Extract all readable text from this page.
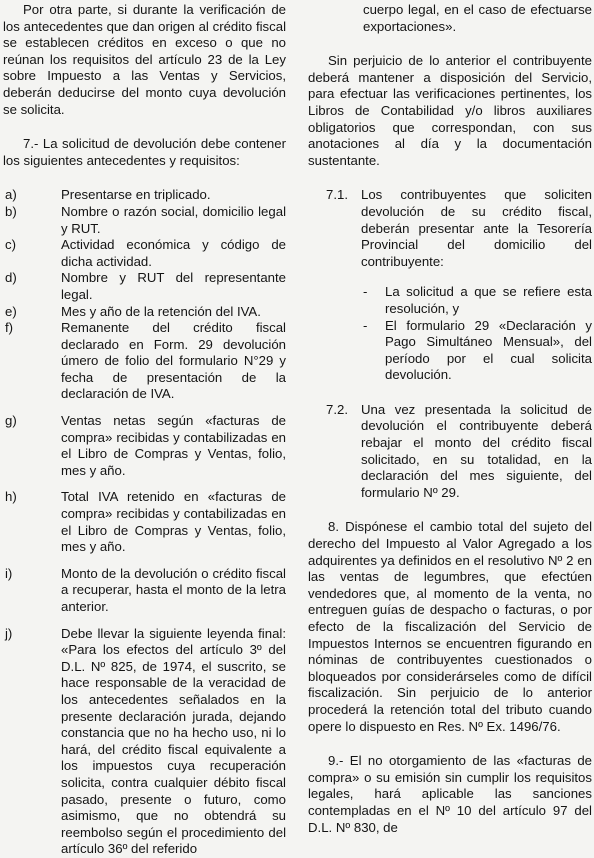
Por otra parte, si durante la verificación de los antecedentes que dan origen al crédito fiscal se establecen créditos en exceso o que no reúnan los requisitos del artículo 23 de la Ley sobre Impuesto a las Ventas y Servicios, deberán deducirse del monto cuya devolución se solicita.

7.- La solicitud de devolución debe contener los siguientes antecedentes y requisitos:

a)	Presentarse en triplicado.
b)	Nombre o razón social, domicilio legal y RUT.
c)	Actividad económica y código de dicha actividad.
d)	Nombre y RUT del representante legal.
e)	Mes y año de la retención del IVA.
f)	Remanente del crédito fiscal declarado en Form. 29 devolución úmero de folio del formulario N°29 y fecha de presentación de la declaración de IVA.
g)	Ventas netas según «facturas de compra» recibidas y contabilizadas en el Libro de Compras y Ventas, folio, mes y año.
h)	Total IVA retenido en «facturas de compra» recibidas y contabilizadas en el Libro de Compras y Ventas, folio, mes y año.
i)	Monto de la devolución o crédito fiscal a recuperar, hasta el monto de la letra anterior.
j)	Debe llevar la siguiente leyenda final: «Para los efectos del artículo 3º del D.L. Nº 825, de 1974, el suscrito, se hace responsable de la veracidad de los antecedentes señalados en la presente declaración jurada, dejando constancia que no ha hecho uso, ni lo hará, del crédito fiscal equivalente a los impuestos cuya recuperación solicita, contra cualquier débito fiscal pasado, presente o futuro, como asimismo, que no obtendrá su reembolso según el procedimiento del artículo 36º del referido

cuerpo legal, en el caso de efectuarse exportaciones».

Sin perjuicio de lo anterior el contribuyente deberá mantener a disposición del Servicio, para efectuar las verificaciones pertinentes, los Libros de Contabilidad y/o libros auxiliares obligatorios que correspondan, con sus anotaciones al día y la documentación sustentante.

7.1. Los contribuyentes que soliciten devolución de su crédito fiscal, deberán presentar ante la Tesorería Provincial del domicilio del contribuyente:
-	La solicitud a que se refiere esta resolución, y
-	El formulario 29 «Declaración y Pago Simultáneo Mensual», del período por el cual solicita devolución.
7.2. Una vez presentada la solicitud de devolución el contribuyente deberá rebajar el monto del crédito fiscal solicitado, en su totalidad, en la declaración del mes siguiente, del formulario Nº 29.

8. Dispónese el cambio total del sujeto del derecho del Impuesto al Valor Agregado a los adquirentes ya definidos en el resolutivo Nº 2 en las ventas de legumbres, que efectúen vendedores que, al momento de la venta, no entreguen guías de despacho o facturas, o por efecto de la fiscalización del Servicio de Impuestos Internos se encuentren figurando en nóminas de contribuyentes cuestionados o bloqueados por considerárseles como de difícil fiscalización. Sin perjuicio de lo anterior procederá la retención total del tributo cuando opere lo dispuesto en Res. Nº Ex. 1496/76.

9.- El no otorgamiento de las «facturas de compra» o su emisión sin cumplir los requisitos legales, hará aplicable las sanciones contempladas en el Nº 10 del artículo 97 del D.L. Nº 830, de
